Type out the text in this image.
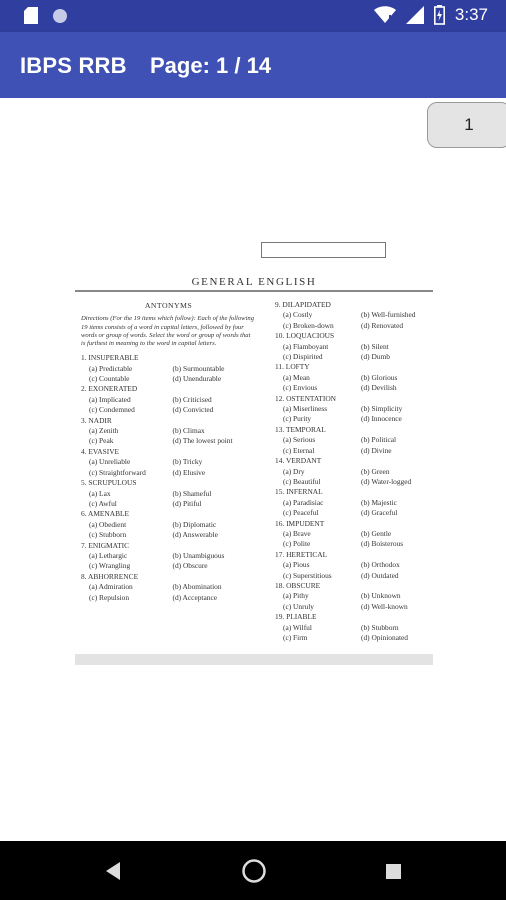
3:37
IBPS RRB Page: 1 / 14
1
GENERAL ENGLISH
ANTONYMS
Directions (For the 19 items which follow): Each of the following 19 items consists of a word in capital letters, followed by four words or group of words. Select the word or group of words that is furthest in meaning to the word in capital letters.
1. INSUPERABLE
(a) Predictable	(b) Surmountable
(c) Countable	(d) Unendurable
2. EXONERATED
(a) Implicated	(b) Criticised
(c) Condemned	(d) Convicted
3. NADIR
(a) Zenith	(b) Climax
(c) Peak	(d) The lowest point
4. EVASIVE
(a) Unreliable	(b) Tricky
(c) Straightforward	(d) Elusive
5. SCRUPULOUS
(a) Lax	(b) Shameful
(c) Awful	(d) Pitiful
6. AMENABLE
(a) Obedient	(b) Diplomatic
(c) Stubborn	(d) Answerable
7. ENIGMATIC
(a) Lethargic	(b) Unambiguous
(c) Wrangling	(d) Obscure
8. ABHORRENCE
(a) Admiration	(b) Abomination
(c) Repulsion	(d) Acceptance
9. DILAPIDATED
(a) Costly	(b) Well-furnished
(c) Broken-down	(d) Renovated
10. LOQUACIOUS
(a) Flamboyant	(b) Silent
(c) Dispirited	(d) Dumb
11. LOFTY
(a) Mean	(b) Glorious
(c) Envious	(d) Devilish
12. OSTENTATION
(a) Miserliness	(b) Simplicity
(c) Purity	(d) Innocence
13. TEMPORAL
(a) Serious	(b) Political
(c) Eternal	(d) Divine
14. VERDANT
(a) Dry	(b) Green
(c) Beautiful	(d) Water-logged
15. INFERNAL
(a) Paradisiac	(b) Majestic
(c) Peaceful	(d) Graceful
16. IMPUDENT
(a) Brave	(b) Gentle
(c) Polite	(d) Boisterous
17. HERETICAL
(a) Pious	(b) Orthodox
(c) Superstitious	(d) Outdated
18. OBSCURE
(a) Pithy	(b) Unknown
(c) Unruly	(d) Well-known
19. PLIABLE
(a) Wilful	(b) Stubborn
(c) Firm	(d) Opinionated
